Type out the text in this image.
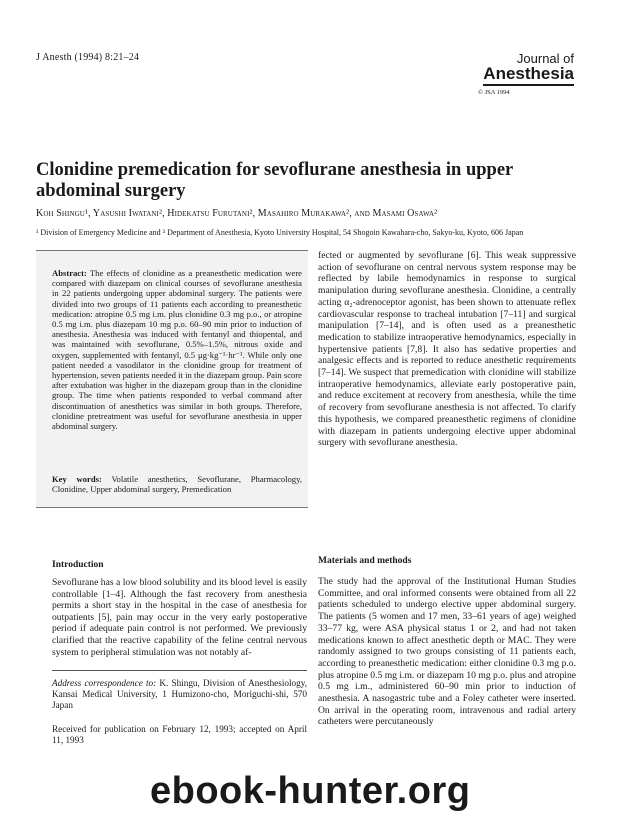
J Anesth (1994) 8:21–24	Journal of
Anesthesia
© JSA 1994
Clonidine premedication for sevoflurane anesthesia in upper abdominal surgery
Koh Shingu¹, Yasushi Iwatani², Hidekatsu Furutani², Masahiro Murakawa², and Masami Osawa²
¹ Division of Emergency Medicine and ² Department of Anesthesia, Kyoto University Hospital, 54 Shogoin Kawahara-cho, Sakyo-ku, Kyoto, 606 Japan
Abstract: The effects of clonidine as a preanesthetic medication were compared with diazepam on clinical courses of sevoflurane anesthesia in 22 patients undergoing upper abdominal surgery. The patients were divided into two groups of 11 patients each according to preanesthetic medication: atropine 0.5 mg i.m. plus clonidine 0.3 mg p.o., or atropine 0.5 mg i.m. plus diazepam 10 mg p.o. 60–90 min prior to induction of anesthesia. Anesthesia was induced with fentanyl and thiopental, and was maintained with sevoflurane, 0.5%–1.5%, nitrous oxide and oxygen, supplemented with fentanyl, 0.5 μg·kg⁻¹·hr⁻¹. While only one patient needed a vasodilator in the clonidine group for treatment of hypertension, seven patients needed it in the diazepam group. Pain score after extubation was higher in the diazepam group than in the clonidine group. The time when patients responded to verbal command after discontinuation of anesthetics was similar in both groups. Therefore, clonidine pretreatment was useful for sevoflurane anesthesia in upper abdominal surgery.
Key words: Volatile anesthetics, Sevoflurane, Pharmacology, Clonidine, Upper abdominal surgery, Premedication
Introduction
Sevoflurane has a low blood solubility and its blood level is easily controllable [1–4]. Although the fast recovery from anesthesia permits a short stay in the hospital in the case of anesthesia for outpatients [5], pain may occur in the very early postoperative period if adequate pain control is not performed. We previously clarified that the reactive capability of the feline central nervous system to peripheral stimulation was not notably af-
Address correspondence to: K. Shingu, Division of Anesthesiology, Kansai Medical University, 1 Humizono-cho, Moriguchi-shi, 570 Japan
Received for publication on February 12, 1993; accepted on April 11, 1993
fected or augmented by sevoflurane [6]. This weak suppressive action of sevoflurane on central nervous system response may be reflected by labile hemodynamics in response to surgical manipulation during sevoflurane anesthesia. Clonidine, a centrally acting α₂-adrenoceptor agonist, has been shown to attenuate reflex cardiovascular response to tracheal intubation [7–11] and surgical manipulation [7–14], and is often used as a preanesthetic medication to stabilize intraoperative hemodynamics, especially in hypertensive patients [7,8]. It also has sedative properties and analgesic effects and is reported to reduce anesthetic requirements [7–14]. We suspect that premedication with clonidine will stabilize intraoperative hemodynamics, alleviate early postoperative pain, and reduce excitement at recovery from anesthesia, while the time of recovery from sevoflurane anesthesia is not affected. To clarify this hypothesis, we compared preanesthetic regimens of clonidine with diazepam in patients undergoing elective upper abdominal surgery with sevoflurane anesthesia.
Materials and methods
The study had the approval of the Institutional Human Studies Committee, and oral informed consents were obtained from all 22 patients scheduled to undergo elective upper abdominal surgery. The patients (5 women and 17 men, 33–61 years of age) weighed 33–77 kg, were ASA physical status 1 or 2, and had not taken medications known to affect anesthetic depth or MAC. They were randomly assigned to two groups consisting of 11 patients each, according to preanesthetic medication: either clonidine 0.3 mg p.o. plus atropine 0.5 mg i.m. or diazepam 10 mg p.o. plus and atropine 0.5 mg i.m., administered 60–90 min prior to induction of anesthesia. A nasogastric tube and a Foley catheter were inserted. On arrival in the operating room, intravenous and radial artery catheters were percutaneously
ebook-hunter.org
